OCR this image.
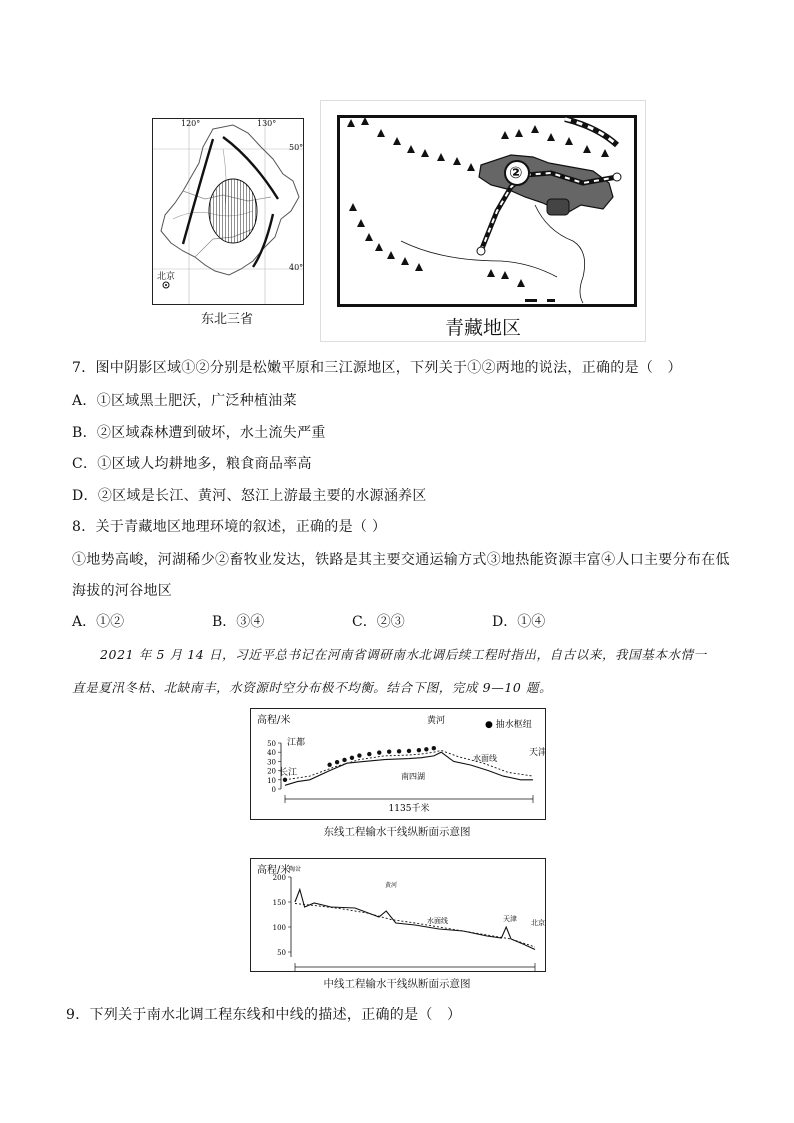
120°	130°
50°
40°
北京
东北三省
②
青藏地区
7．图中阴影区域①②分别是松嫩平原和三江源地区，下列关于①②两地的说法，正确的是（　）
A．①区域黑土肥沃，广泛种植油菜
B．②区域森林遭到破坏，水土流失严重
C．①区域人均耕地多，粮食商品率高
D．②区域是长江、黄河、怒江上游最主要的水源涵养区
8．关于青藏地区地理环境的叙述，正确的是（ ）
①地势高峻，河湖稀少②畜牧业发达，铁路是其主要交通运输方式③地热能资源丰富④人口主要分布在低
海拔的河谷地区
A．①②	B．③④	C．②③	D．①④
2021 年 5 月 14 日，习近平总书记在河南省调研南水北调后续工程时指出，自古以来，我国基本水情一
直是夏汛冬枯、北缺南丰，水资源时空分布极不均衡。结合下图，完成 9—10 题。
高程/米
0
10
20
30
40
50
1135千米
江都
长江	南四湖
黄河
水面线
天津
● 抽水枢纽
东线工程输水干线纵断面示意图
高程/米
50
100
150
200
陶岔
黄河
水面线	天津 北京
中线工程输水干线纵断面示意图
9．下列关于南水北调工程东线和中线的描述，正确的是（　）
